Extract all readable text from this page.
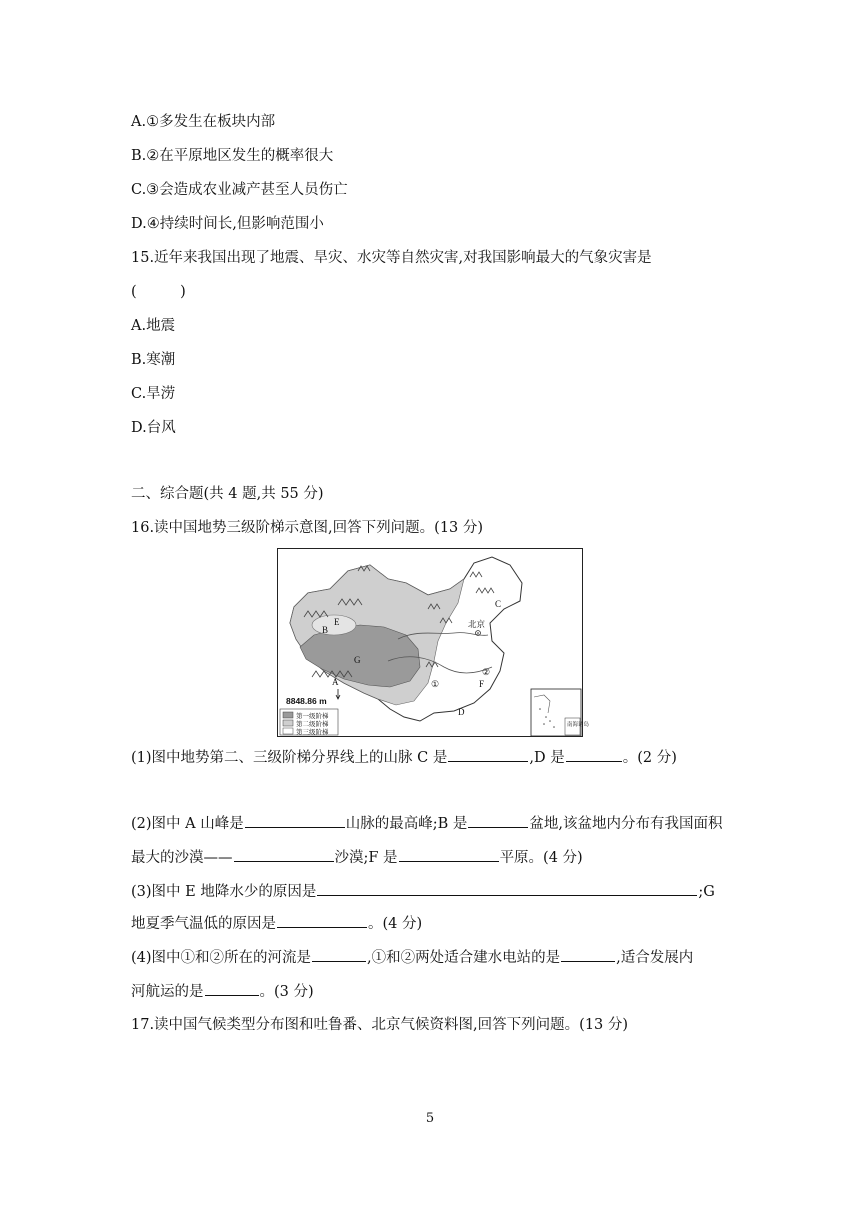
A.①多发生在板块内部
B.②在平原地区发生的概率很大
C.③会造成农业减产甚至人员伤亡
D.④持续时间长,但影响范围小
15.近年来我国出现了地震、旱灾、水灾等自然灾害,对我国影响最大的气象灾害是
(　　　)
A.地震
B.寒潮
C.旱涝
D.台风
二、综合题(共 4 题,共 55 分)
16.读中国地势三级阶梯示意图,回答下列问题。(13 分)
B
E
G
A
C
D
F
北京
①
②
8848.86 m
南海诸岛
第一级阶梯
第二级阶梯
第三级阶梯
(1)图中地势第二、三级阶梯分界线上的山脉 C 是	,D 是	。(2 分)
(2)图中 A 山峰是	山脉的最高峰;B 是	盆地,该盆地内分布有我国面积
最大的沙漠——	沙漠;F 是	平原。(4 分)
(3)图中 E 地降水少的原因是	;G
地夏季气温低的原因是	。(4 分)
(4)图中①和②所在的河流是	,①和②两处适合建水电站的是	,适合发展内
河航运的是	。(3 分)
17.读中国气候类型分布图和吐鲁番、北京气候资料图,回答下列问题。(13 分)
5
